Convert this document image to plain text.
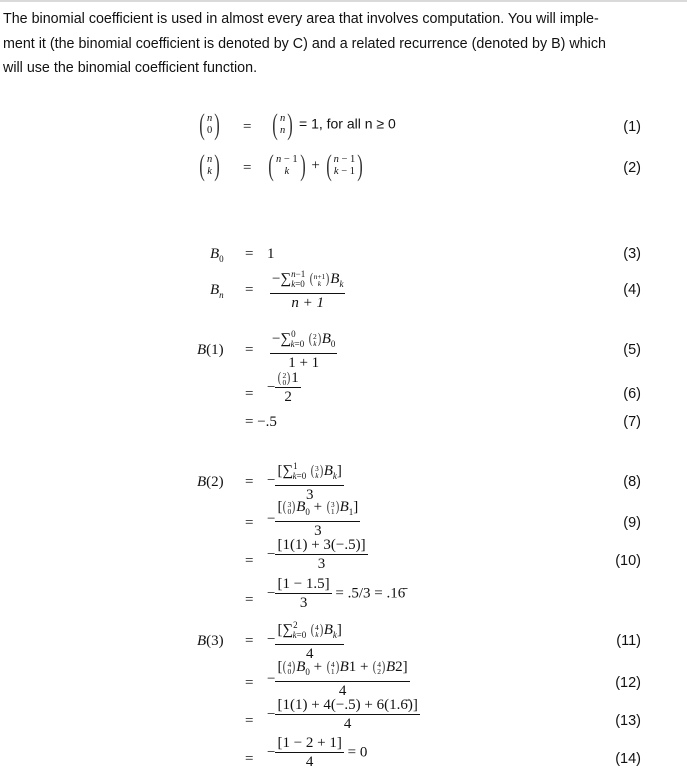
The binomial coefficient is used in almost every area that involves computation. You will imple-
ment it (the binomial coefficient is denoted by C) and a related recurrence (denoted by B) which
will use the binomial coefficient function.
( n
0) = ( n
n) = 1, for all n ≥ 0	(1)
( n
k) = ( n − 1
k ) + ( n − 1
k − 1)	(2)
$B_0 = 1$	(3)
$B_n$ =
−∑$^{n-1}_{k=0}$ (n+1
k )$B_k$
n + 1
(4)
B(1) =
−∑$^0_{k=0}$ (2
$k)B_0$
1 + 1
(5)
= −
(2
0)1
2	(6)
= −.5	(7)
B(2) = −
[∑$^1_{k=0}$ (3
$k)B_k$]
3
(8)
= −
[(3
$0)B_0 + (3$
$1)B_1$]
3	(9)
= − $\frac{[1(1) + 3(-.5)]}{3}$	(10)
= − $\frac{[1 - 1.5]}{3} = .5/3$ = .16̄
B(3) = −
[∑$^2_{k=0}$ (4
$k)B_k$]
4
(11)
= −
[(4
$0)B_0 + (4$
1)B1 + (4
2)B2]
4	(12)
= − $\frac{[1(1) + 4(-.5) + 6(1.6̄)]}{4}$	(13)
= − $\frac{[1 - 2 + 1]}{4} = 0$	(14)
